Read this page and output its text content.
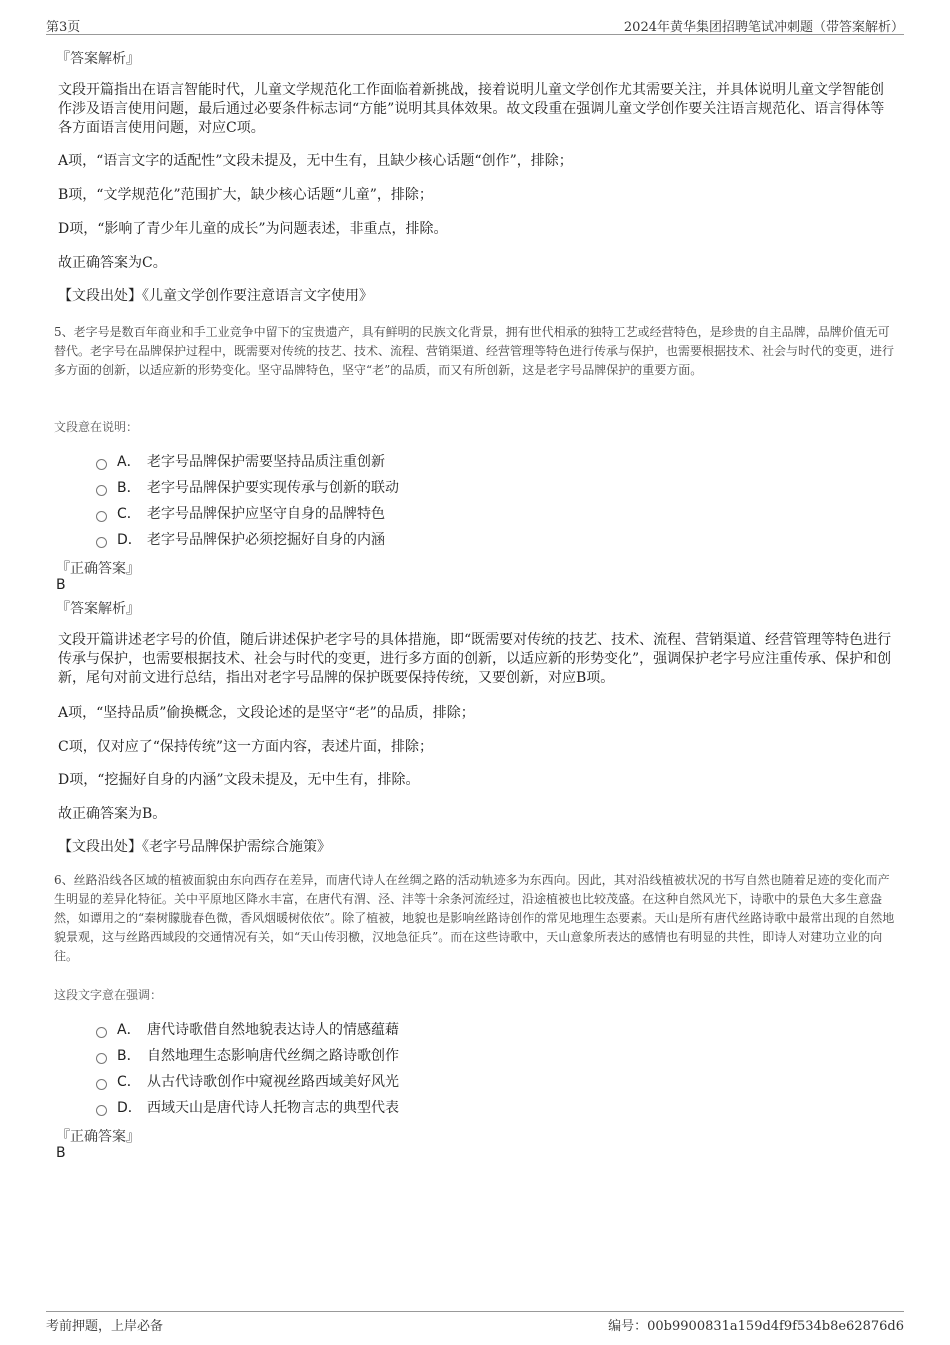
第3页	2024年黄华集团招聘笔试冲刺题（带答案解析）
『答案解析』

文段开篇指出在语言智能时代，儿童文学规范化工作面临着新挑战，接着说明儿童文学创作尤其需要关注，并具体说明儿童文学智能创作涉及语言使用问题，最后通过必要条件标志词“方能”说明其具体效果。故文段重在强调儿童文学创作要关注语言规范化、语言得体等各方面语言使用问题，对应C项。

A项，“语言文字的适配性”文段未提及，无中生有，且缺少核心话题“创作”，排除；
B项，“文学规范化”范围扩大，缺少核心话题“儿童”，排除；
D项，“影响了青少年儿童的成长”为问题表述，非重点，排除。
故正确答案为C。
【文段出处】《儿童文学创作要注意语言文字使用》

5、老字号是数百年商业和手工业竞争中留下的宝贵遗产，具有鲜明的民族文化背景，拥有世代相承的独特工艺或经营特色，是珍贵的自主品牌，品牌价值无可替代。老字号在品牌保护过程中，既需要对传统的技艺、技术、流程、营销渠道、经营管理等特色进行传承与保护，也需要根据技术、社会与时代的变更，进行多方面的创新，以适应新的形势变化。坚守品牌特色，坚守“老”的品质，而又有所创新，这是老字号品牌保护的重要方面。

文段意在说明：
A． 老字号品牌保护需要坚持品质注重创新
B． 老字号品牌保护要实现传承与创新的联动
C． 老字号品牌保护应坚守自身的品牌特色
D． 老字号品牌保护必须挖掘好自身的内涵
『正确答案』
B
『答案解析』

文段开篇讲述老字号的价值，随后讲述保护老字号的具体措施，即“既需要对传统的技艺、技术、流程、营销渠道、经营管理等特色进行传承与保护，也需要根据技术、社会与时代的变更，进行多方面的创新，以适应新的形势变化”，强调保护老字号应注重传承、保护和创新，尾句对前文进行总结，指出对老字号品牌的保护既要保持传统，又要创新，对应B项。

A项，“坚持品质”偷换概念，文段论述的是坚守“老”的品质，排除；
C项，仅对应了“保持传统”这一方面内容，表述片面，排除；
D项，“挖掘好自身的内涵”文段未提及，无中生有，排除。
故正确答案为B。
【文段出处】《老字号品牌保护需综合施策》

6、丝路沿线各区域的植被面貌由东向西存在差异，而唐代诗人在丝绸之路的活动轨迹多为东西向。因此，其对沿线植被状况的书写自然也随着足迹的变化而产生明显的差异化特征。关中平原地区降水丰富，在唐代有渭、泾、沣等十余条河流经过，沿途植被也比较茂盛。在这种自然风光下，诗歌中的景色大多生意盎然，如谭用之的“秦树朦胧春色微，香风烟暖树依依”。除了植被，地貌也是影响丝路诗创作的常见地理生态要素。天山是所有唐代丝路诗歌中最常出现的自然地貌景观，这与丝路西域段的交通情况有关，如“天山传羽檄，汉地急征兵”。而在这些诗歌中，天山意象所表达的感情也有明显的共性，即诗人对建功立业的向往。

这段文字意在强调：
A． 唐代诗歌借自然地貌表达诗人的情感蕴藉
B． 自然地理生态影响唐代丝绸之路诗歌创作
C． 从古代诗歌创作中窥视丝路西域美好风光
D． 西域天山是唐代诗人托物言志的典型代表
『正确答案』
B
考前押题，上岸必备	编号：00b9900831a159d4f9f534b8e62876d6
